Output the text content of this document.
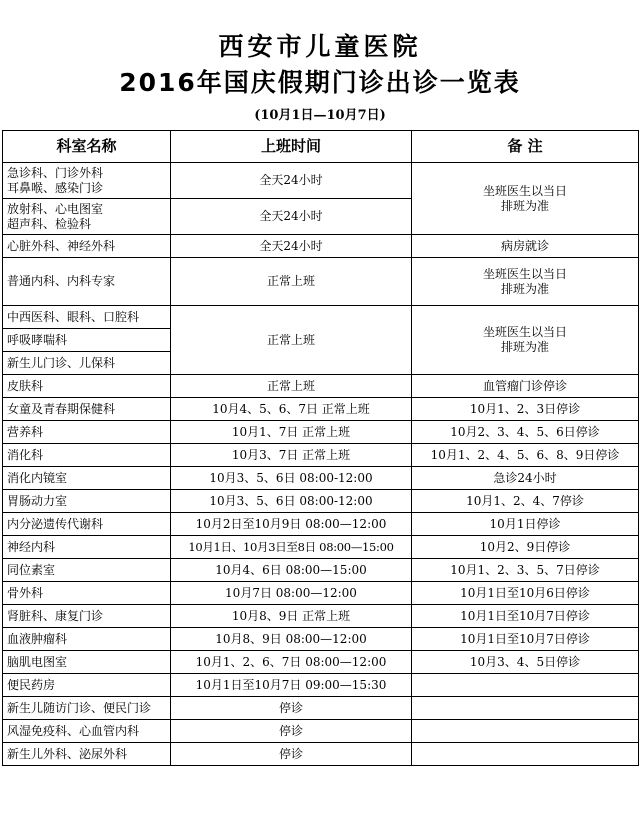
西安市儿童医院
2016年国庆假期门诊出诊一览表
(10月1日—10月7日)
科室名称	上班时间	备 注
急诊科、门诊外科
耳鼻喉、感染门诊	全天24小时	坐班医生以当日
排班为准
放射科、心电图室
超声科、检验科	全天24小时	
心脏外科、神经外科	全天24小时	病房就诊
普通内科、内科专家	正常上班	坐班医生以当日
排班为准
中西医科、眼科、口腔科	正常上班	坐班医生以当日
排班为准
呼吸哮喘科		
新生儿门诊、儿保科		
皮肤科	正常上班	血管瘤门诊停诊
女童及青春期保健科	10月4、5、6、7日 正常上班	10月1、2、3日停诊
营养科	10月1、7日 正常上班	10月2、3、4、5、6日停诊
消化科	10月3、7日 正常上班	10月1、2、4、5、6、8、9日停诊
消化内镜室	10月3、5、6日 08:00-12:00	急诊24小时
胃肠动力室	10月3、5、6日 08:00-12:00	10月1、2、4、7停诊
内分泌遗传代谢科	10月2日至10月9日 08:00—12:00	10月1日停诊
神经内科	10月1日、10月3日至8日 08:00—15:00	10月2、9日停诊
同位素室	10月4、6日 08:00—15:00	10月1、2、3、5、7日停诊
骨外科	10月7日 08:00—12:00	10月1日至10月6日停诊
肾脏科、康复门诊	10月8、9日 正常上班	10月1日至10月7日停诊
血液肿瘤科	10月8、9日 08:00—12:00	10月1日至10月7日停诊
脑肌电图室	10月1、2、6、7日 08:00—12:00	10月3、4、5日停诊
便民药房	10月1日至10月7日 09:00—15:30	
新生儿随访门诊、便民门诊	停诊	
风湿免疫科、心血管内科	停诊	
新生儿外科、泌尿外科	停诊	
